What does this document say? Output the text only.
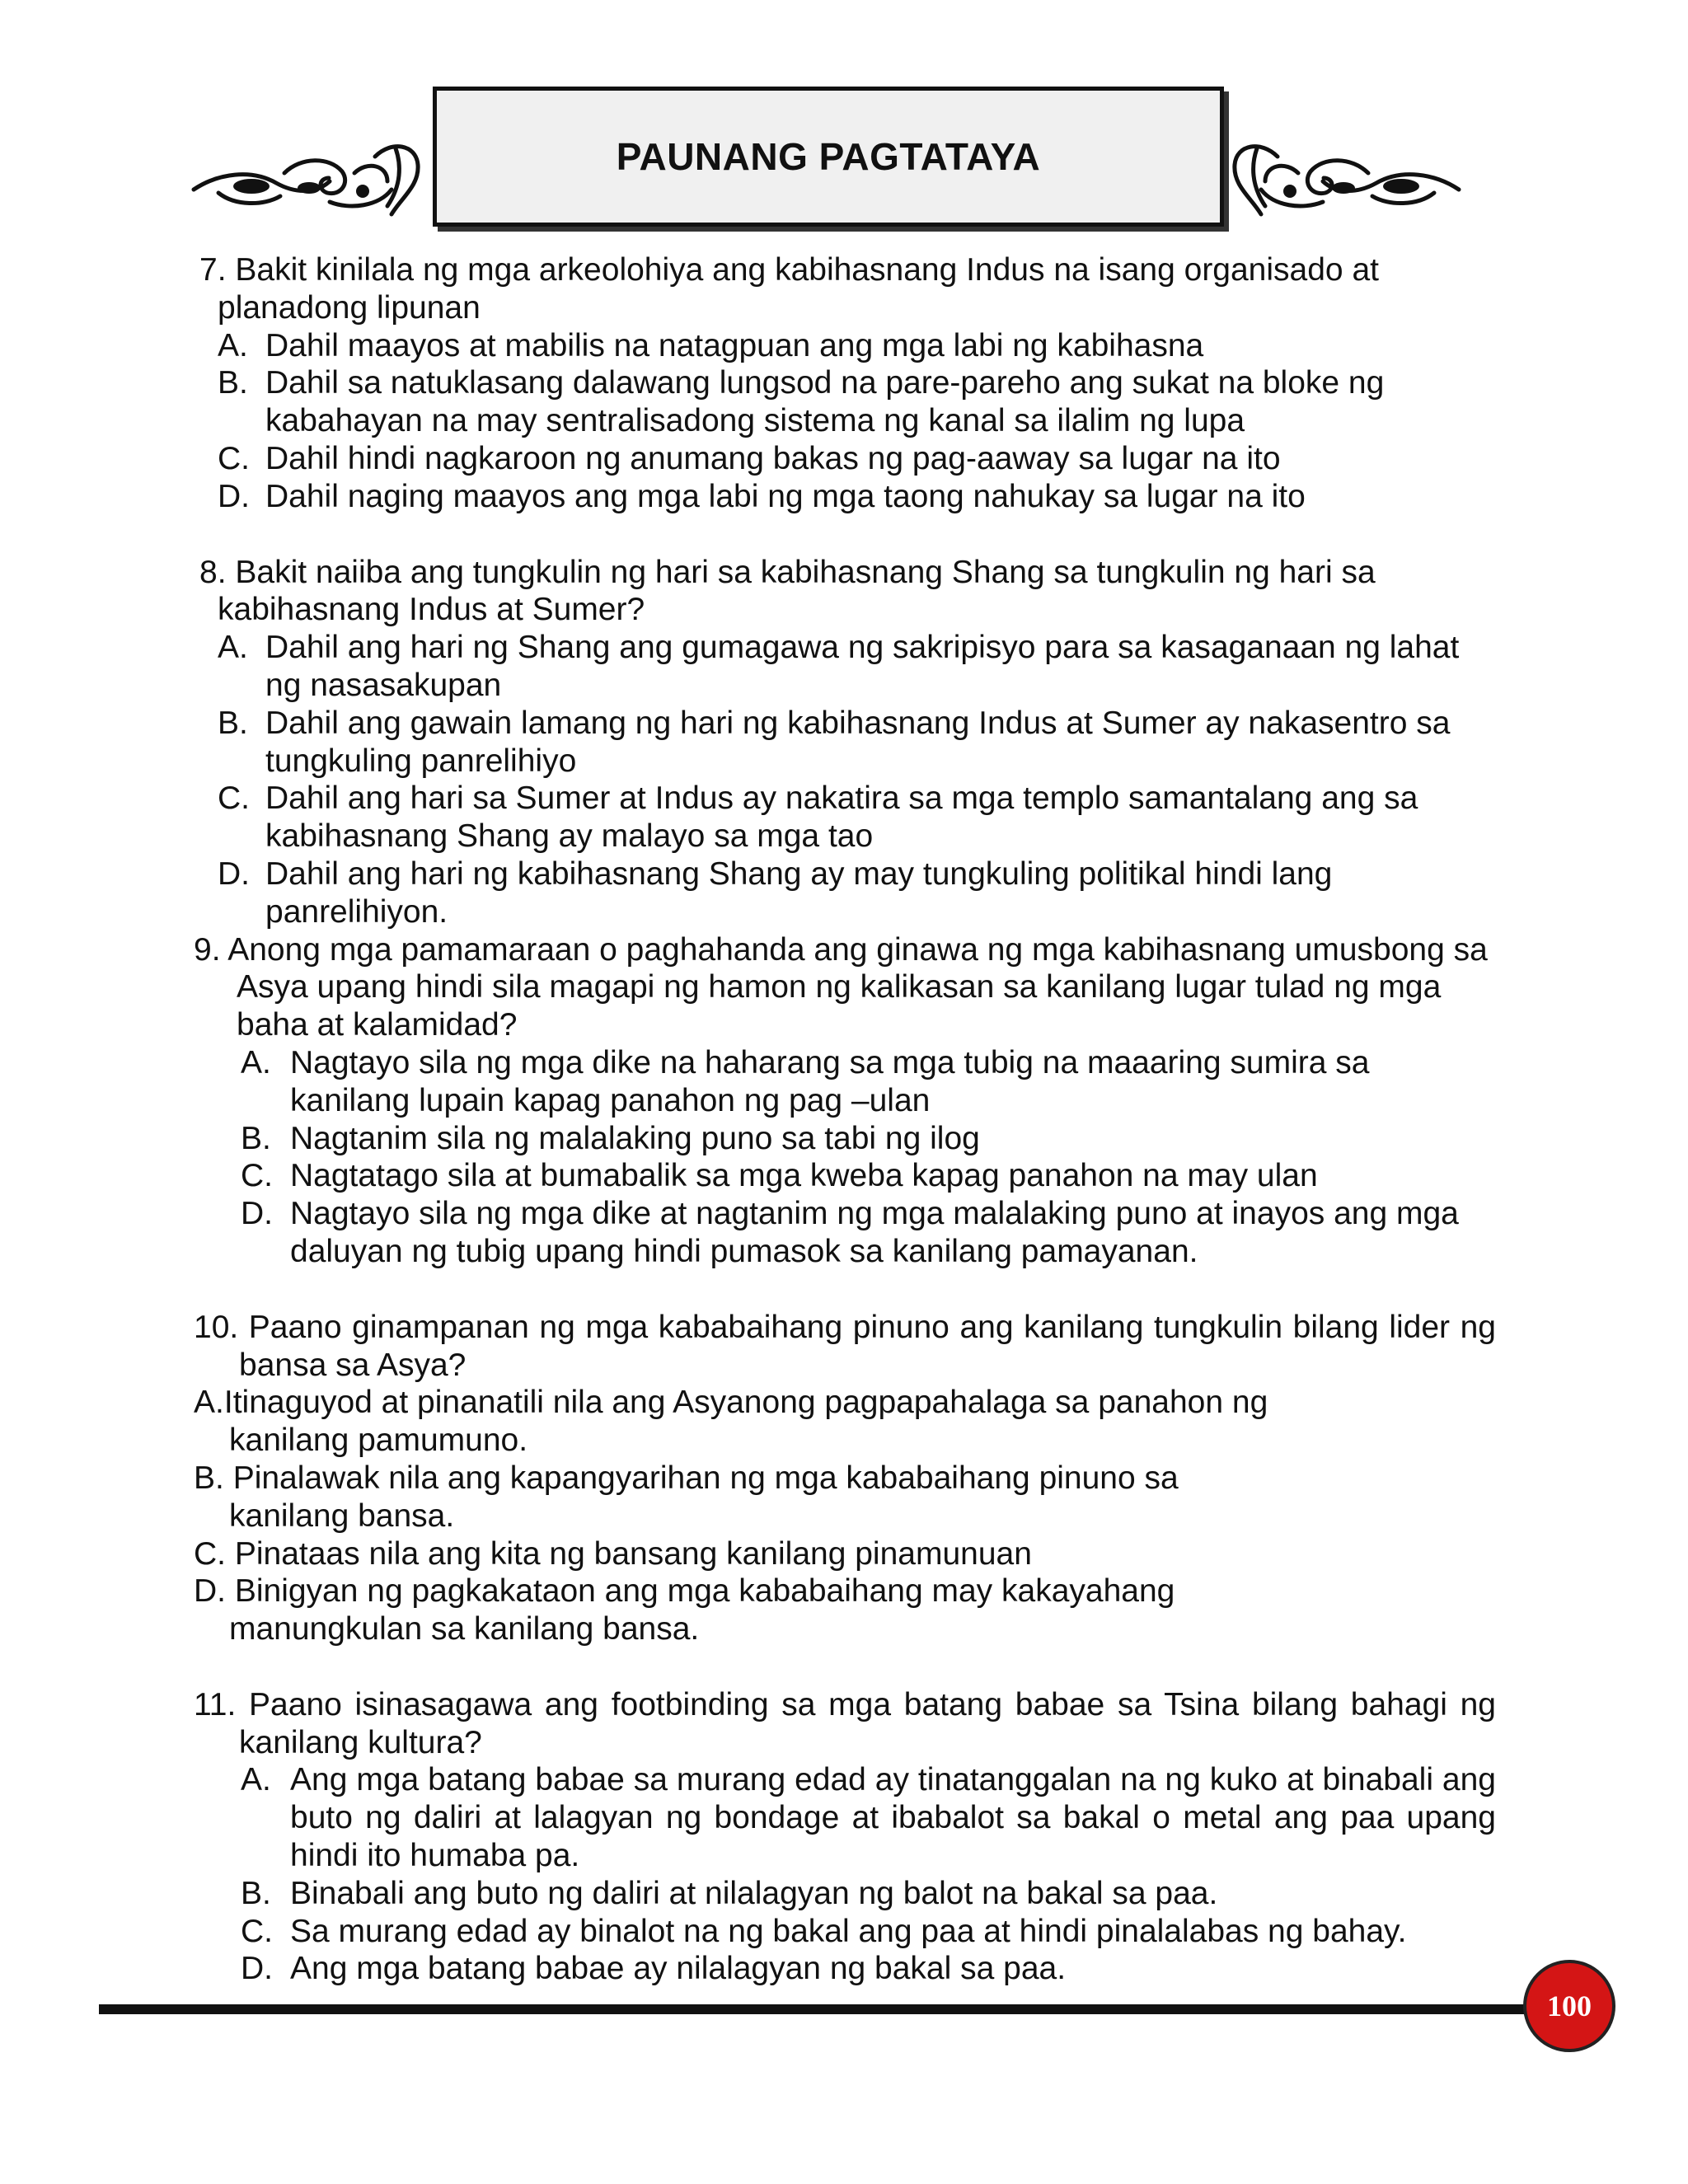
PAUNANG PAGTATAYA
7. Bakit kinilala ng mga arkeolohiya ang kabihasnang Indus na isang organisado at planadong lipunan
A. Dahil maayos at mabilis na natagpuan ang mga labi ng kabihasna
B. Dahil sa natuklasang dalawang lungsod na pare-pareho ang sukat na bloke ng kabahayan na may sentralisadong sistema ng kanal sa ilalim ng lupa
C. Dahil hindi nagkaroon ng anumang bakas ng pag-aaway sa lugar na ito
D. Dahil naging maayos ang mga labi ng mga taong nahukay sa lugar na ito
8. Bakit naiiba ang tungkulin ng hari sa kabihasnang Shang sa tungkulin ng hari sa kabihasnang Indus at Sumer?
A. Dahil ang hari ng Shang ang gumagawa ng sakripisyo para sa kasaganaan ng lahat ng nasasakupan
B. Dahil ang gawain lamang ng hari ng kabihasnang Indus at Sumer ay nakasentro sa tungkuling panrelihiyo
C. Dahil ang hari sa Sumer at Indus ay nakatira sa mga templo samantalang ang sa kabihasnang Shang ay malayo sa mga tao
D. Dahil ang hari ng kabihasnang Shang ay may tungkuling politikal hindi lang panrelihiyon.
9. Anong mga pamamaraan o paghahanda ang ginawa ng mga kabihasnang umusbong sa Asya upang hindi sila magapi ng hamon ng kalikasan sa kanilang lugar tulad ng mga baha at kalamidad?
A. Nagtayo sila ng mga dike na haharang sa mga tubig na maaaring sumira sa kanilang lupain kapag panahon ng pag –ulan
B. Nagtanim sila ng malalaking puno sa tabi ng ilog
C. Nagtatago sila at bumabalik sa mga kweba kapag panahon na may ulan
D. Nagtayo sila ng mga dike at nagtanim ng mga malalaking puno at inayos ang mga daluyan ng tubig upang hindi pumasok sa kanilang pamayanan.
10. Paano ginampanan ng mga kababaihang pinuno ang kanilang tungkulin bilang lider ng bansa sa Asya?
A.Itinaguyod at pinanatili nila ang Asyanong pagpapahalaga sa panahon ng kanilang pamumuno.
B. Pinalawak nila ang kapangyarihan ng mga kababaihang pinuno sa kanilang bansa.
C. Pinataas nila ang kita ng bansang kanilang pinamunuan
D. Binigyan ng pagkakataon ang mga kababaihang may kakayahang manungkulan sa kanilang bansa.
11. Paano isinasagawa ang footbinding sa mga batang babae sa Tsina bilang bahagi ng kanilang kultura?
A. Ang mga batang babae sa murang edad ay tinatanggalan na ng kuko at binabali ang buto ng daliri at lalagyan ng bondage at ibabalot sa bakal o metal ang paa upang hindi ito humaba pa.
B. Binabali ang buto ng daliri at nilalagyan ng balot na bakal sa paa.
C. Sa murang edad ay binalot na ng bakal ang paa at hindi pinalalabas ng bahay.
D. Ang mga batang babae ay nilalagyan ng bakal sa paa.
100
